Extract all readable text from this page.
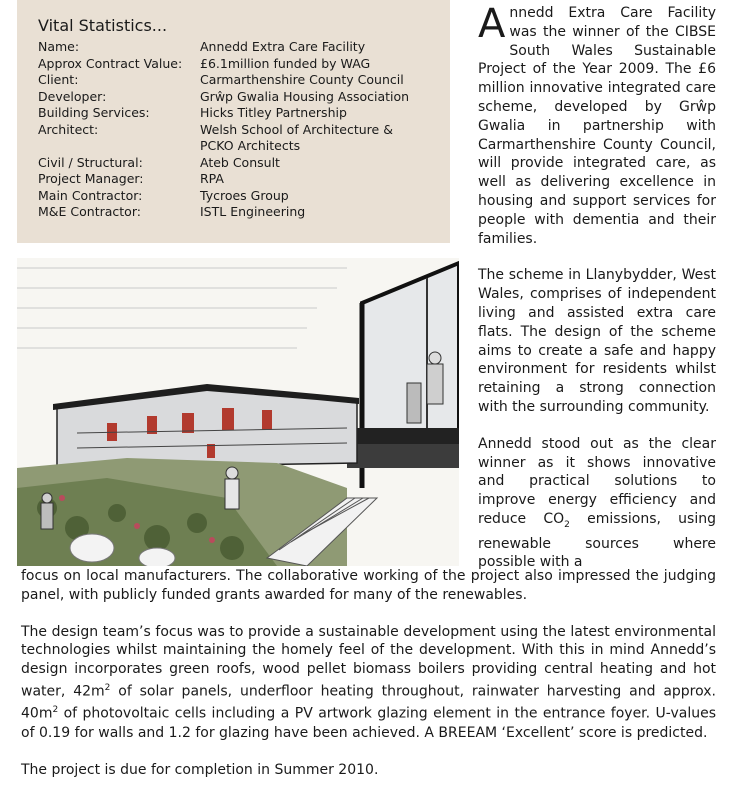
Vital Statistics...
Name:	Annedd Extra Care Facility
Approx Contract Value: £6.1million funded by WAG
Client:	Carmarthenshire County Council
Developer:	Grŵp Gwalia Housing Association
Building Services:	Hicks Titley Partnership
Architect:	Welsh School of Architecture &
PCKO Architects
Civil / Structural:	Ateb Consult
Project Manager:	RPA
Main Contractor:	Tycroes Group
M&E Contractor:	ISTL Engineering

Annedd Extra Care Facility was the winner of the CIBSE South Wales Sustainable Project of the Year 2009. The £6 million innovative integrated care scheme, developed by Grŵp Gwalia in partnership with Carmarthenshire County Council, will provide integrated care, as well as delivering excellence in housing and support services for people with dementia and their families.

The scheme in Llanybydder, West Wales, comprises of independent living and assisted extra care flats. The design of the scheme aims to create a safe and happy environment for residents whilst retaining a strong connection with the surrounding community.

Annedd stood out as the clear winner as it shows innovative and practical solutions to improve energy efficiency and reduce $CO_2$ emissions, using renewable sources where possible with a

focus on local manufacturers. The collaborative working of the project also impressed the judging panel, with publicly funded grants awarded for many of the renewables.

The design team’s focus was to provide a sustainable development using the latest environmental technologies whilst maintaining the homely feel of the development. With this in mind Annedd’s design incorporates green roofs, wood pellet biomass boilers providing central heating and hot water, $42m^2$ of solar panels, underfloor heating throughout, rainwater harvesting and approx. $40m^2$ of photovoltaic cells including a PV artwork glazing element in the entrance foyer. U-values of 0.19 for walls and 1.2 for glazing have been achieved. A BREEAM ‘Excellent’ score is predicted.

The project is due for completion in Summer 2010.
